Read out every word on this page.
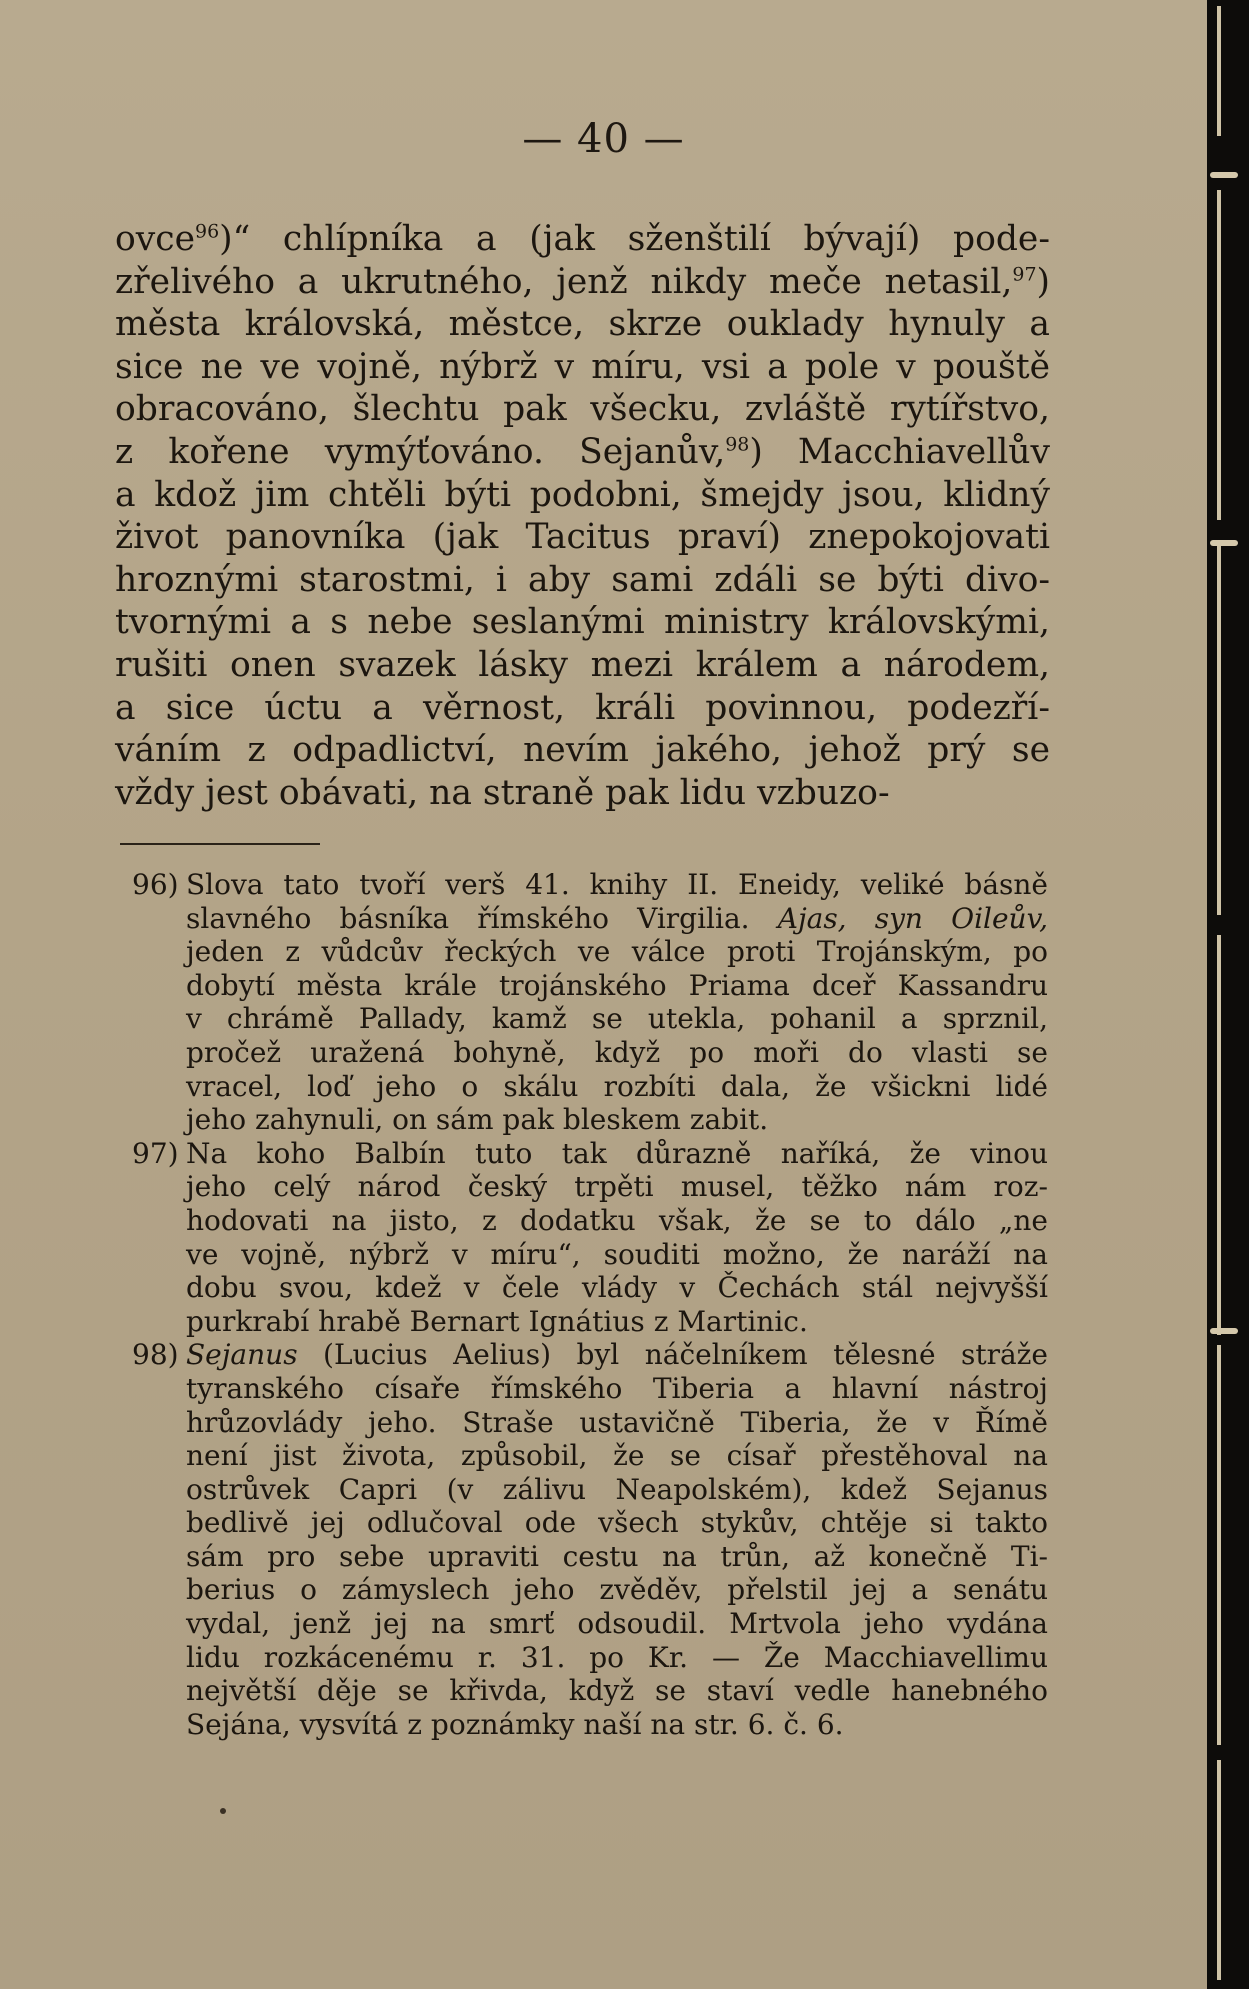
— 40 —
ovce$^{96}$)“ chlípníka a (jak sženštilí bývají) pode-
zřelivého a ukrutného, jenž nikdy meče netasil,$^{97}$)
města královská, městce, skrze ouklady hynuly a
sice ne ve vojně, nýbrž v míru, vsi a pole v pouště
obracováno, šlechtu pak všecku, zvláště rytířstvo,
z kořene vymýťováno. Sejanův,$^{98}$) Macchiavellův
a kdož jim chtěli býti podobni, šmejdy jsou, klidný
život panovníka (jak Tacitus praví) znepokojovati
hroznými starostmi, i aby sami zdáli se býti divo-
tvornými a s nebe seslanými ministry královskými,
rušiti onen svazek lásky mezi králem a národem,
a sice úctu a věrnost, králi povinnou, podezří-
váním z odpadlictví, nevím jakého, jehož prý se
vždy jest obávati, na straně pak lidu vzbuzo-
96) Slova tato tvoří verš 41. knihy II. Eneidy, veliké básně
slavného básníka římského Virgilia. Ajas, syn Oileův,
jeden z vůdcův řeckých ve válce proti Trojánským, po
dobytí města krále trojánského Priama dceř Kassandru
v chrámě Pallady, kamž se utekla, pohanil a sprznil,
pročež uražená bohyně, když po moři do vlasti se
vracel, loď jeho o skálu rozbíti dala, že všickni lidé
jeho zahynuli, on sám pak bleskem zabit.
97) Na koho Balbín tuto tak důrazně naříká, že vinou
jeho celý národ český trpěti musel, těžko nám roz-
hodovati na jisto, z dodatku však, že se to dálo „ne
ve vojně, nýbrž v míru“, souditi možno, že naráží na
dobu svou, kdež v čele vlády v Čechách stál nejvyšší
purkrabí hrabě Bernart Ignátius z Martinic.
98) Sejanus (Lucius Aelius) byl náčelníkem tělesné stráže
tyranského císaře římského Tiberia a hlavní nástroj
hrůzovlády jeho. Straše ustavičně Tiberia, že v Římě
není jist života, způsobil, že se císař přestěhoval na
ostrůvek Capri (v zálivu Neapolském), kdež Sejanus
bedlivě jej odlučoval ode všech stykův, chtěje si takto
sám pro sebe upraviti cestu na trůn, až konečně Ti-
berius o zámyslech jeho zvěděv, přelstil jej a senátu
vydal, jenž jej na smrť odsoudil. Mrtvola jeho vydána
lidu rozkácenému r. 31. po Kr. — Že Macchiavellimu
největší děje se křivda, když se staví vedle hanebného
Sejána, vysvítá z poznámky naší na str. 6. č. 6.
